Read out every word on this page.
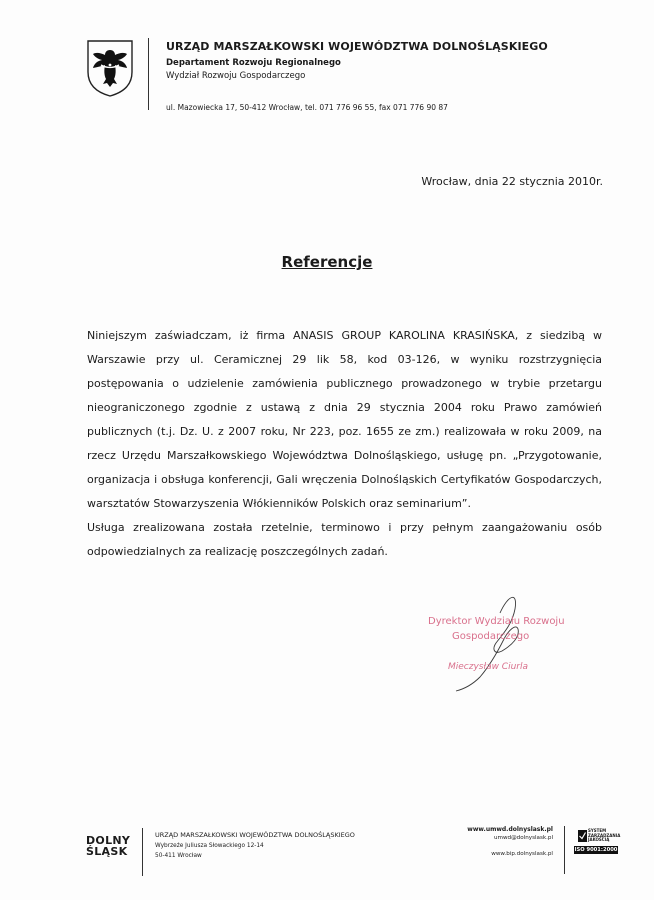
URZĄD MARSZAŁKOWSKI WOJEWÓDZTWA DOLNOŚLĄSKIEGO
Departament Rozwoju Regionalnego
Wydział Rozwoju Gospodarczego
ul. Mazowiecka 17, 50-412 Wrocław, tel. 071 776 96 55, fax 071 776 90 87
Wrocław, dnia 22 stycznia 2010r.
Referencje

Niniejszym zaświadczam, iż firma ANASIS GROUP KAROLINA KRASIŃSKA, z siedzibą w Warszawie przy ul. Ceramicznej 29 lik 58, kod 03-126, w wyniku rozstrzygnięcia postępowania o udzielenie zamówienia publicznego prowadzonego w trybie przetargu nieograniczonego zgodnie z ustawą z dnia 29 stycznia 2004 roku Prawo zamówień publicznych (t.j. Dz. U. z 2007 roku, Nr 223, poz. 1655 ze zm.) realizowała w roku 2009, na rzecz Urzędu Marszałkowskiego Województwa Dolnośląskiego, usługę pn. „Przygotowanie, organizacja i obsługa konferencji, Gali wręczenia Dolnośląskich Certyfikatów Gospodarczych, warsztatów Stowarzyszenia Włókienników Polskich oraz seminarium”.

Usługa zrealizowana została rzetelnie, terminowo i przy pełnym zaangażowaniu osób odpowiedzialnych za realizację poszczególnych zadań.

Dyrektor Wydziału Rozwoju
Gospodarczego
Mieczysław Ciurla
DOLNY
ŚLĄSK
URZĄD MARSZAŁKOWSKI WOJEWÓDZTWA DOLNOŚLĄSKIEGO
Wybrzeże Juliusza Słowackiego 12-14
50-411 Wrocław
www.umwd.dolnyslask.pl
umwd@dolnyslask.pl
www.bip.dolnyslask.pl
SYSTEM ZARZĄDZANIA JAKOŚCIĄ
ISO 9001:2000
